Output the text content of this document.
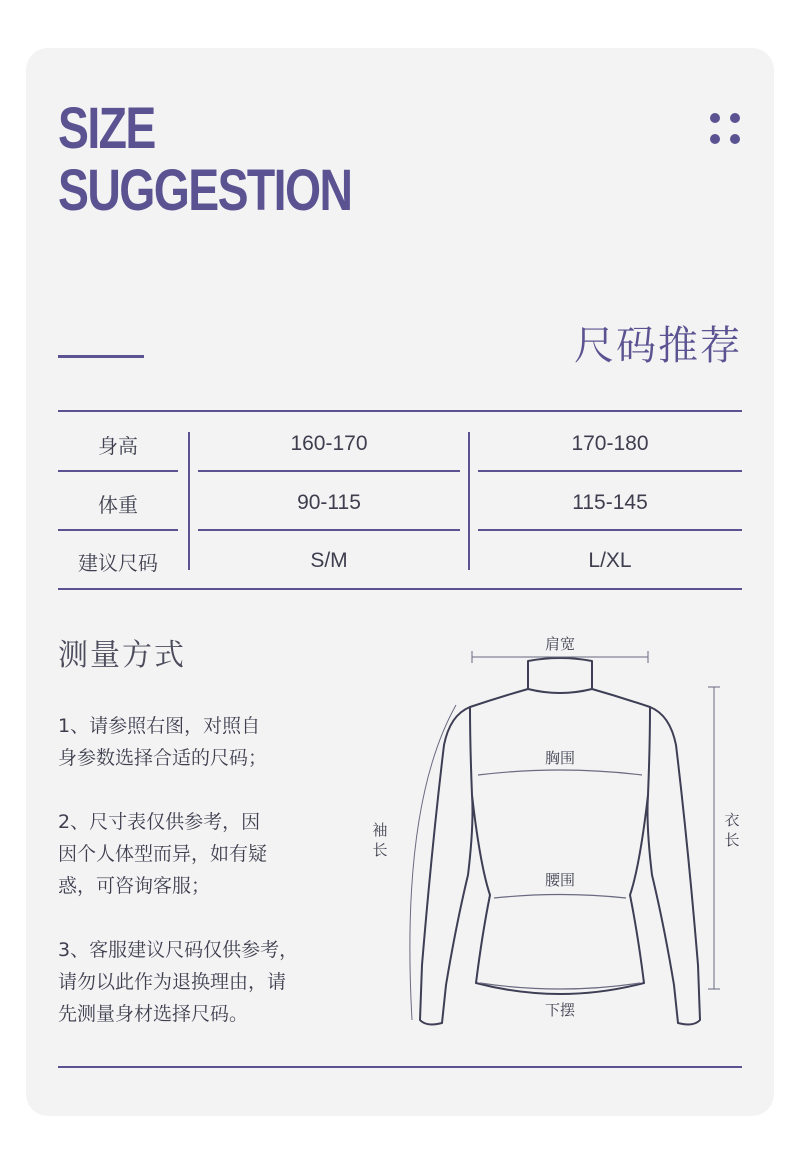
SIZE
SUGGESTION
尺码推荐
身高	160-170	170-180
体重	90-115	115-145
建议尺码	S/M	L/XL
测量方式
1、请参照右图，对照自
身参数选择合适的尺码；
2、尺寸表仅供参考，因
因个人体型而异，如有疑
惑，可咨询客服；
3、客服建议尺码仅供参考，
请勿以此作为退换理由，请
先测量身材选择尺码。
肩宽
胸围
腰围
下摆
袖
长
衣
长
